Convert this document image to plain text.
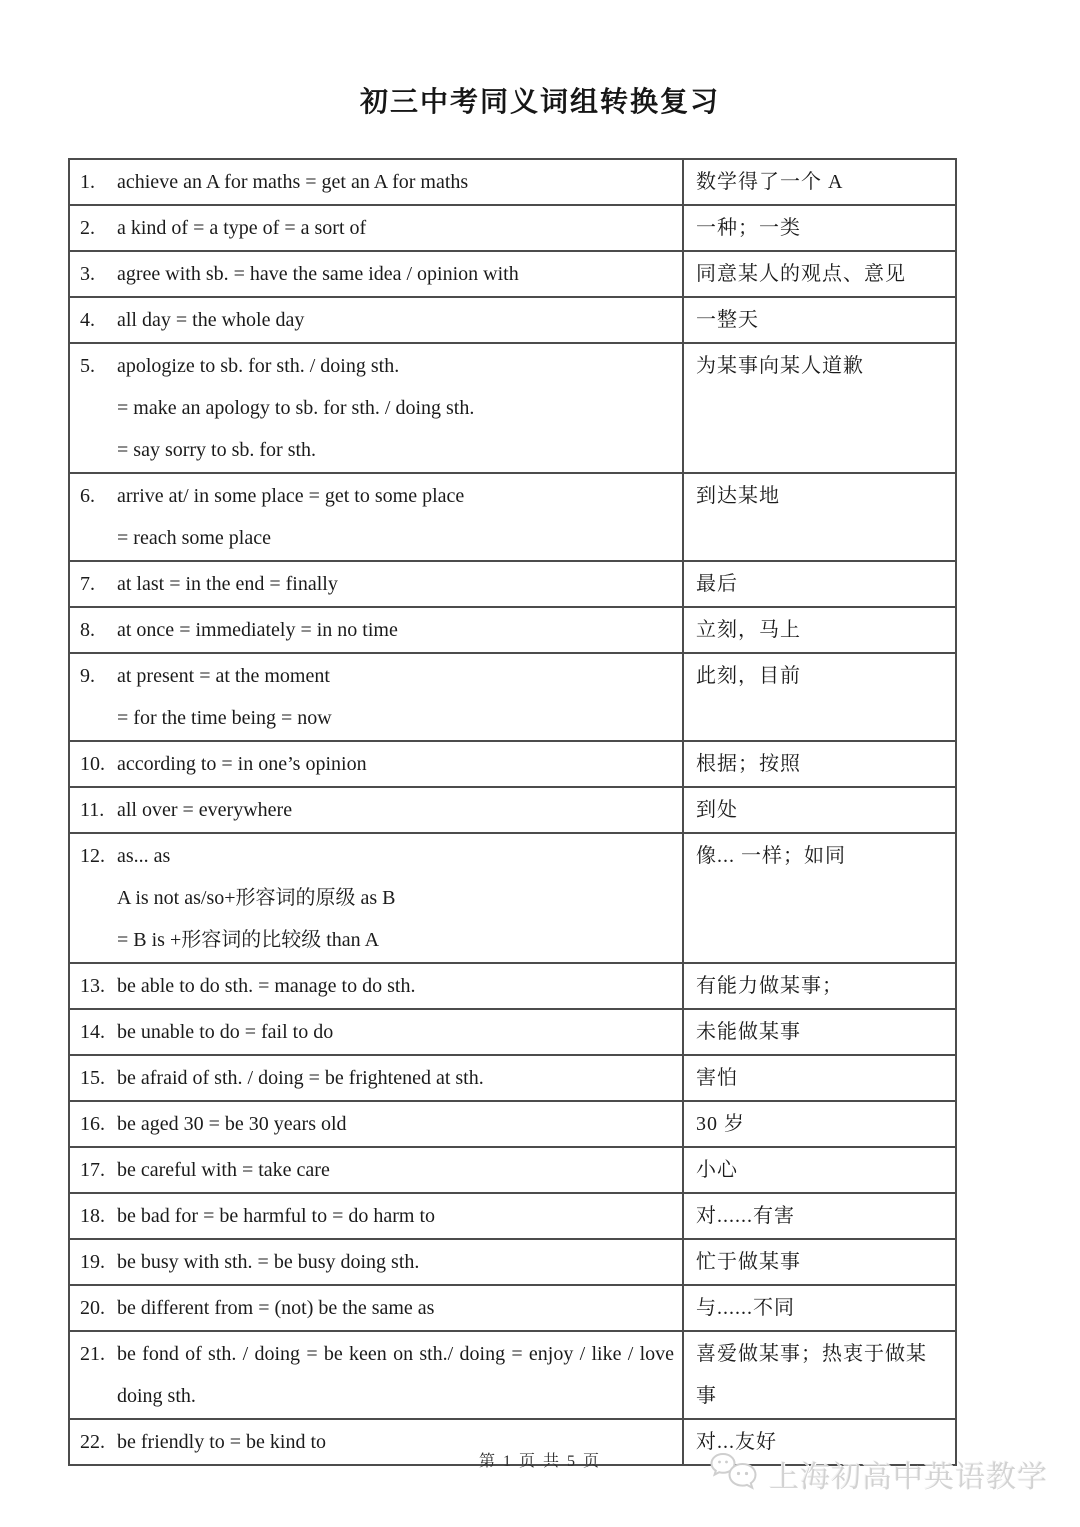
初三中考同义词组转换复习
1. achieve an A for maths = get an A for maths	数学得了一个 A

2. a kind of = a type of = a sort of	一种；一类

3. agree with sb. = have the same idea / opinion with	同意某人的观点、意见

4. all day = the whole day	一整天

5. apologize to sb. for sth. / doing sth.
= make an apology to sb. for sth. / doing sth.
= say sorry to sb. for sth.	为某事向某人道歉

6. arrive at/ in some place = get to some place
= reach some place	到达某地

7. at last = in the end = finally	最后

8. at once = immediately = in no time	立刻，马上

9. at present = at the moment
= for the time being = now	此刻，目前

10. according to = in one’s opinion	根据；按照

11. all over = everywhere	到处

12. as... as
A is not as/so+形容词的原级 as B
= B is +形容词的比较级 than A	像... 一样；如同

13. be able to do sth. = manage to do sth.	有能力做某事；

14. be unable to do = fail to do	未能做某事

15. be afraid of sth. / doing = be frightened at sth.	害怕

16. be aged 30 = be 30 years old	30 岁

17. be careful with = take care	小心

18. be bad for = be harmful to = do harm to	对......有害

19. be busy with sth. = be busy doing sth.	忙于做某事

20. be different from = (not) be the same as	与......不同

21. be fond of sth. / doing = be keen on sth./ doing = enjoy / like / love
doing sth.	喜爱做某事；热衷于做某事

22. be friendly to = be kind to	对...友好
第 1 页 共 5 页	上海初高中英语教学
